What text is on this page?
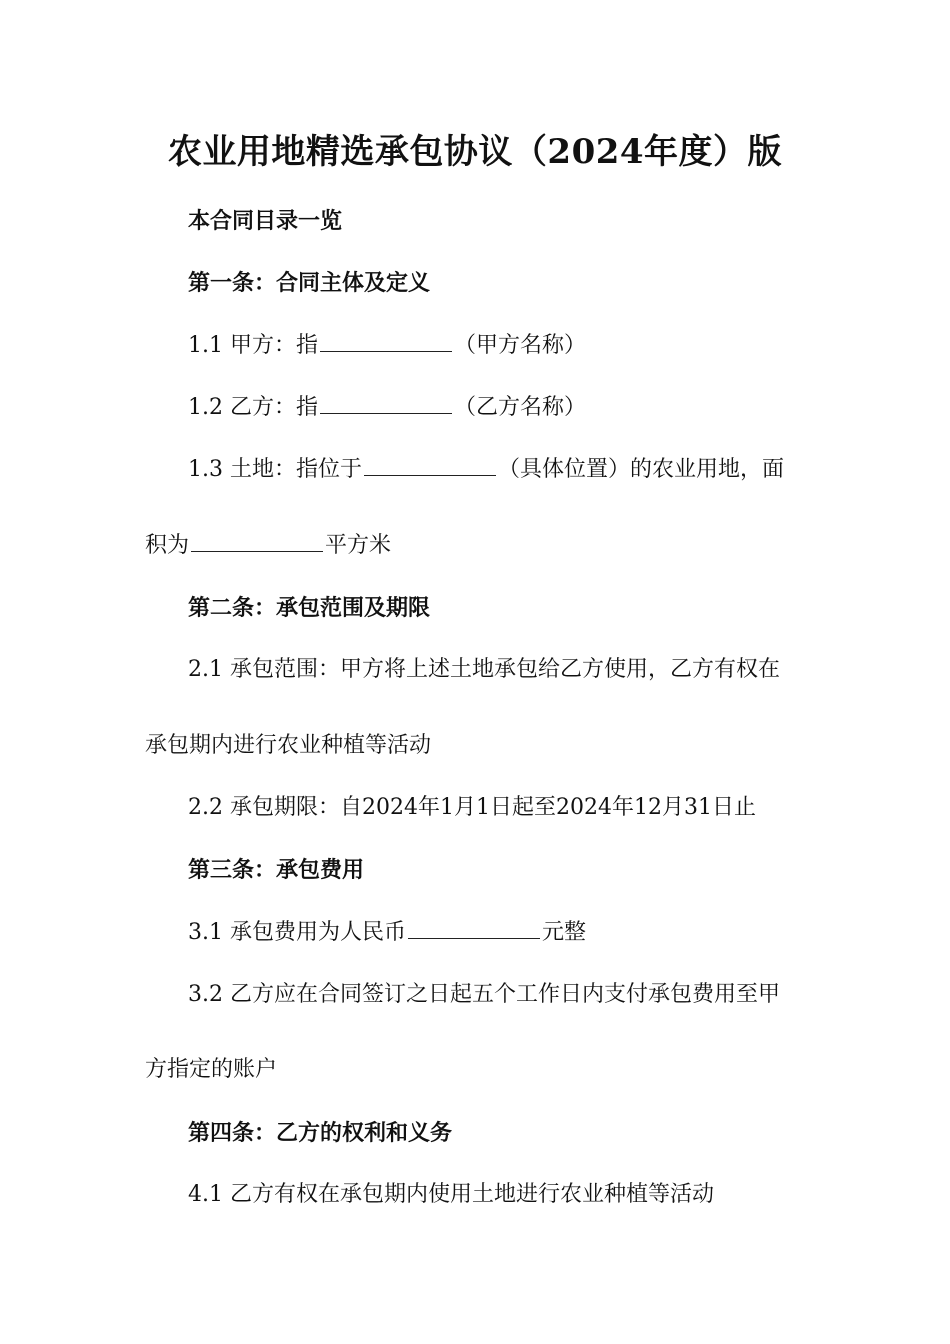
农业用地精选承包协议（2024年度）版
本合同目录一览
第一条：合同主体及定义
1.1 甲方：指	（甲方名称）
1.2 乙方：指	（乙方名称）
1.3 土地：指位于	（具体位置）的农业用地，面
积为	平方米
第二条：承包范围及期限
2.1 承包范围：甲方将上述土地承包给乙方使用，乙方有权在
承包期内进行农业种植等活动
2.2 承包期限：自2024年1月1日起至2024年12月31日止
第三条：承包费用
3.1 承包费用为人民币	元整
3.2 乙方应在合同签订之日起五个工作日内支付承包费用至甲
方指定的账户
第四条：乙方的权利和义务
4.1 乙方有权在承包期内使用土地进行农业种植等活动
